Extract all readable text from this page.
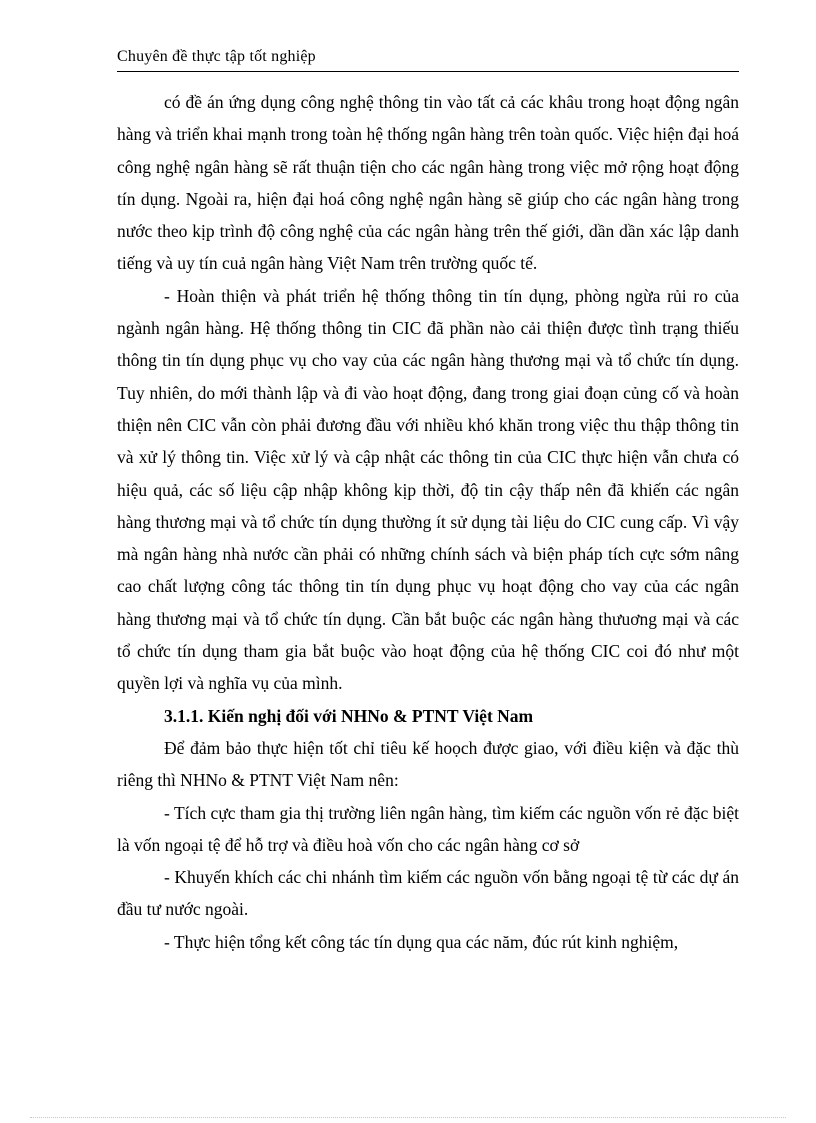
Chuyên đề thực tập tốt nghiệp

có đề án ứng dụng công nghệ thông tin vào tất cả các khâu trong hoạt động ngân hàng và triển khai mạnh trong toàn hệ thống ngân hàng trên toàn quốc. Việc hiện đại hoá công nghệ ngân hàng sẽ rất thuận tiện cho các ngân hàng trong việc mở rộng hoạt động tín dụng. Ngoài ra, hiện đại hoá công nghệ ngân hàng sẽ giúp cho các ngân hàng trong nước theo kịp trình độ công nghệ của các ngân hàng trên thế giới, dần dần xác lập danh tiếng và uy tín cuả ngân hàng Việt Nam trên trường quốc tế.

- Hoàn thiện và phát triển hệ thống thông tin tín dụng, phòng ngừa rủi ro của ngành ngân hàng. Hệ thống thông tin CIC đã phần nào cải thiện được tình trạng thiếu thông tin tín dụng phục vụ cho vay của các ngân hàng thương mại và tổ chức tín dụng. Tuy nhiên, do mới thành lập và đi vào hoạt động, đang trong giai đoạn củng cố và hoàn thiện nên CIC vẫn còn phải đương đầu với nhiều khó khăn trong việc thu thập thông tin và xử lý thông tin. Việc xử lý và cập nhật các thông tin của CIC thực hiện vẫn chưa có hiệu quả, các số liệu cập nhập không kịp thời, độ tin cậy thấp nên đã khiến các ngân hàng thương mại và tổ chức tín dụng thường ít sử dụng tài liệu do CIC cung cấp. Vì vậy mà ngân hàng nhà nước cần phải có những chính sách và biện pháp tích cực sớm nâng cao chất lượng công tác thông tin tín dụng phục vụ hoạt động cho vay của các ngân hàng thương mại và tổ chức tín dụng. Cần bắt buộc các ngân hàng thưuơng mại và các tổ chức tín dụng tham gia bắt buộc vào hoạt động của hệ thống CIC coi đó như một quyền lợi và nghĩa vụ của mình.

3.1.1. Kiến nghị đối với NHNo & PTNT Việt Nam

Để đảm bảo thực hiện tốt chỉ tiêu kế hoọch được giao, với điều kiện và đặc thù riêng thì NHNo & PTNT Việt Nam nên:

- Tích cực tham gia thị trường liên ngân hàng, tìm kiếm các nguồn vốn rẻ đặc biệt là vốn ngoại tệ để hỗ trợ và điều hoà vốn cho các ngân hàng cơ sở

- Khuyến khích các chi nhánh tìm kiếm các nguồn vốn bằng ngoại tệ từ các dự án đầu tư nước ngoài.

- Thực hiện tổng kết công tác tín dụng qua các năm, đúc rút kinh nghiệm,
